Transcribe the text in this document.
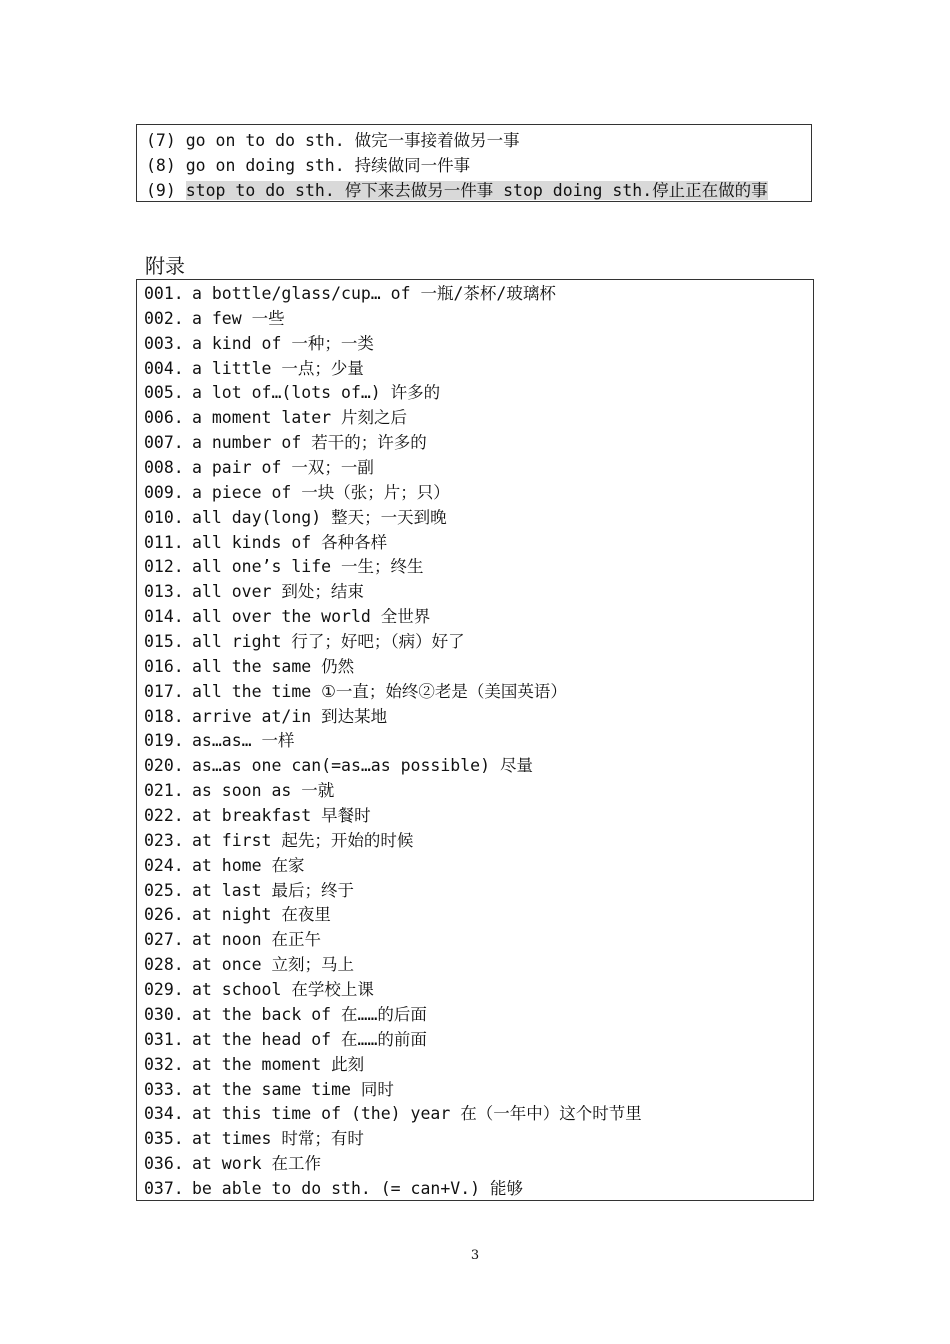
(7) go on to do sth. 做完一事接着做另一事
(8) go on doing sth. 持续做同一件事
(9) stop to do sth. 停下来去做另一件事 stop doing sth.停止正在做的事
附录
001. a bottle/glass/cup… of 一瓶/茶杯/玻璃杯
002. a few 一些
003. a kind of 一种；一类
004. a little 一点；少量
005. a lot of…(lots of…) 许多的
006. a moment later 片刻之后
007. a number of 若干的；许多的
008. a pair of 一双；一副
009. a piece of 一块（张；片；只）
010. all day(long) 整天；一天到晚
011. all kinds of 各种各样
012. all one’s life 一生；终生
013. all over 到处；结束
014. all over the world 全世界
015. all right 行了；好吧；（病）好了
016. all the same 仍然
017. all the time ①一直；始终②老是（美国英语）
018. arrive at/in 到达某地
019. as…as… 一样
020. as…as one can(=as…as possible) 尽量
021. as soon as 一就
022. at breakfast 早餐时
023. at first 起先；开始的时候
024. at home 在家
025. at last 最后；终于
026. at night 在夜里
027. at noon 在正午
028. at once 立刻；马上
029. at school 在学校上课
030. at the back of 在……的后面
031. at the head of 在……的前面
032. at the moment 此刻
033. at the same time 同时
034. at this time of (the) year 在（一年中）这个时节里
035. at times 时常；有时
036. at work 在工作
037. be able to do sth. (= can+V.) 能够
3
